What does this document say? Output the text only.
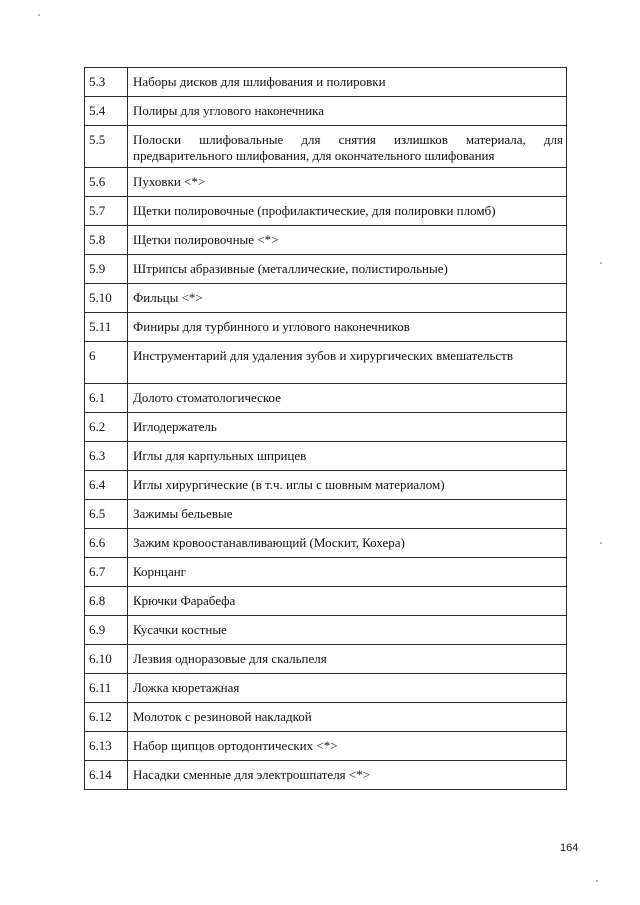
5.3	Наборы дисков для шлифования и полировки
5.4	Полиры для углового наконечника
5.5	Полоски шлифовальные для снятия излишков материала, для предварительного шлифования, для окончательного шлифования
5.6	Пуховки <*>
5.7	Щетки полировочные (профилактические, для полировки пломб)
5.8	Щетки полировочные <*>
5.9	Штрипсы абразивные (металлические, полистирольные)
5.10	Фильцы <*>
5.11	Финиры для турбинного и углового наконечников
6	Инструментарий для удаления зубов и хирургических вмешательств
6.1	Долото стоматологическое
6.2	Иглодержатель
6.3	Иглы для карпульных шприцев
6.4	Иглы хирургические (в т.ч. иглы с шовным материалом)
6.5	Зажимы бельевые
6.6	Зажим кровоостанавливающий (Москит, Кохера)
6.7	Корнцанг
6.8	Крючки Фарабефа
6.9	Кусачки костные
6.10	Лезвия одноразовые для скальпеля
6.11	Ложка кюретажная
6.12	Молоток с резиновой накладкой
6.13	Набор щипцов ортодонтических <*>
6.14	Насадки сменные для электрошпателя <*>
164
